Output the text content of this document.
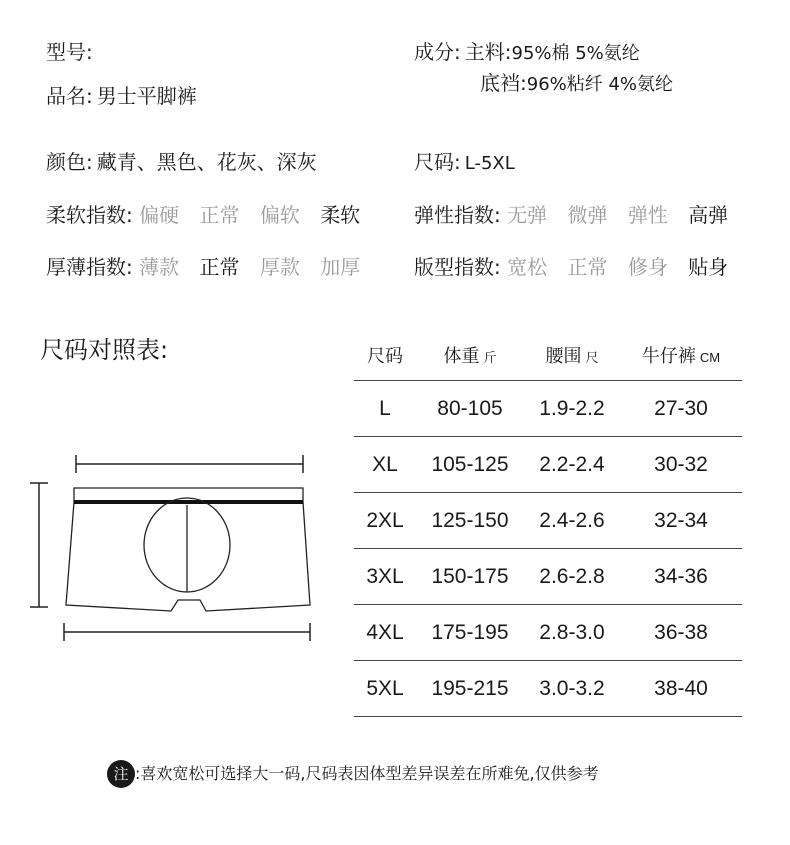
型号:
品名: 男士平脚裤
成分: 主料:95%棉 5%氨纶
底裆:96%粘纤 4%氨纶
颜色: 藏青、黑色、花灰、深灰	尺码: L-5XL
柔软指数: 偏硬 正常 偏软 柔软	弹性指数: 无弹 微弹 弹性 高弹
厚薄指数: 薄款 正常 厚款 加厚	版型指数: 宽松 正常 修身 贴身
尺码对照表:	尺码	体重 斤	腰围 尺	牛仔裤 CM
L	80-105	1.9-2.2	27-30
XL	105-125	2.2-2.4	30-32
2XL	125-150	2.4-2.6	32-34
3XL	150-175	2.6-2.8	34-36
4XL	175-195	2.8-3.0	36-38
5XL	195-215	3.0-3.2	38-40
注 :喜欢宽松可选择大一码,尺码表因体型差异误差在所难免,仅供参考
